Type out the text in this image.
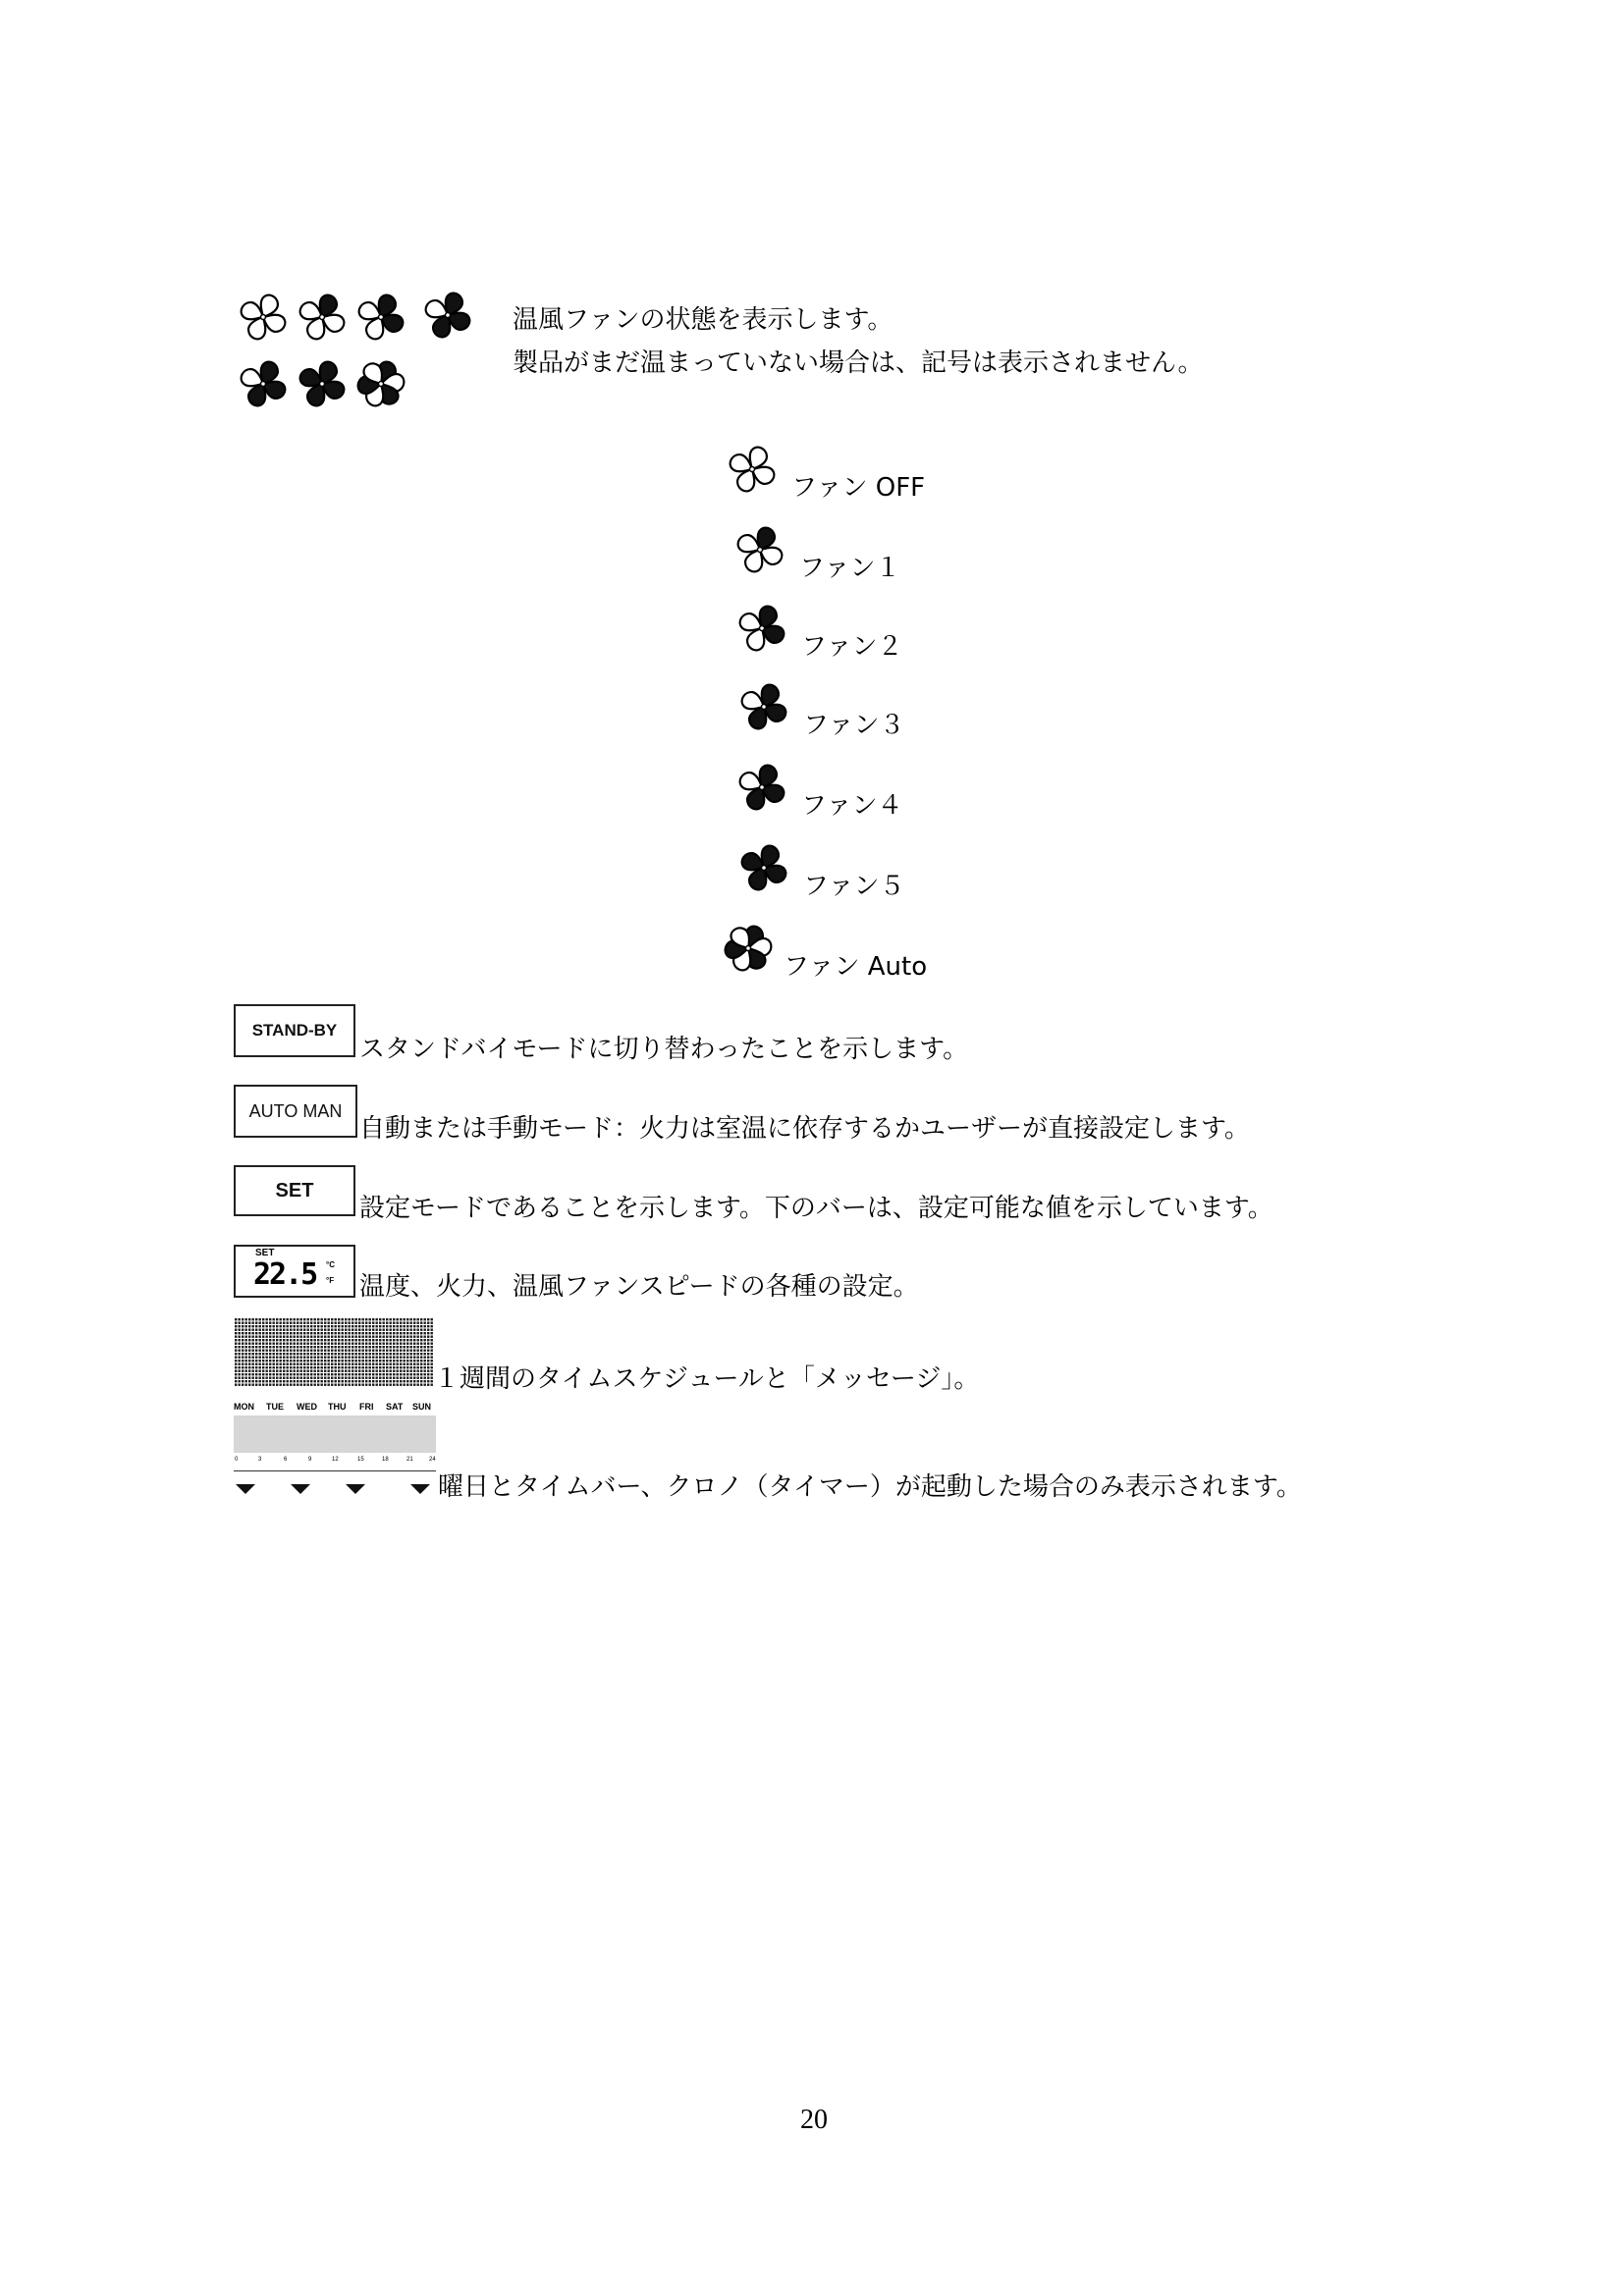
温風ファンの状態を表示します。
製品がまだ温まっていない場合は、記号は表示されません。
ファン OFF
ファン１
ファン２
ファン３
ファン４
ファン５
ファン Auto
STAND-BY
スタンドバイモードに切り替わったことを示します。
AUTO MAN
自動または手動モード：火力は室温に依存するかユーザーが直接設定します。
SET
設定モードであることを示します。下のバーは、設定可能な値を示しています。
SET
22.5 °C
°F 温度、火力、温風ファンスピードの各種の設定。
１週間のタイムスケジュールと「メッセージ」。
MON TUE WED THU FRI SAT SUN
0	3	6	9	12	15	18	21	24
曜日とタイムバー、クロノ（タイマー）が起動した場合のみ表示されます。
20
